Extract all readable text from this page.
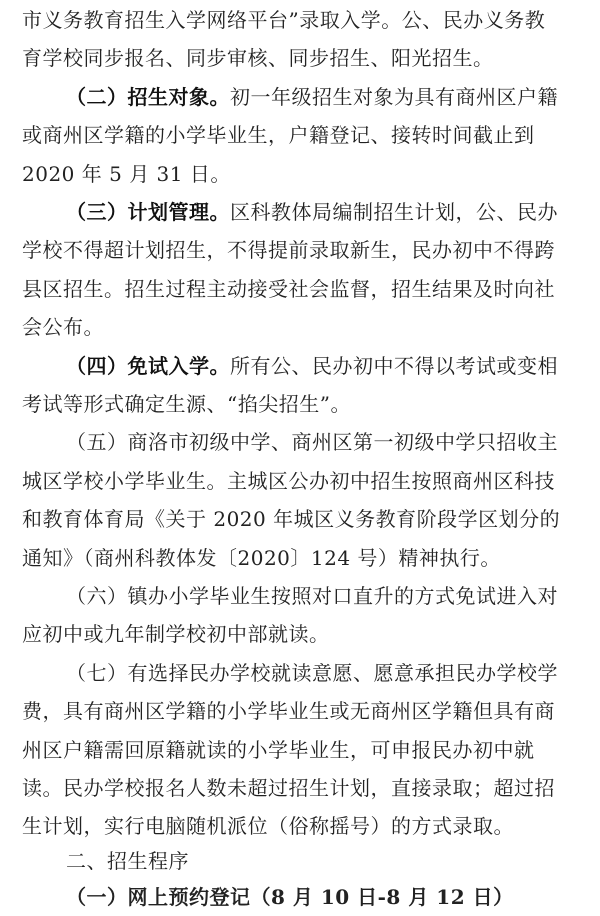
市义务教育招生入学网络平台”录取入学。公、民办义务教
育学校同步报名、同步审核、同步招生、阳光招生。
（二）招生对象。初一年级招生对象为具有商州区户籍
或商州区学籍的小学毕业生，户籍登记、接转时间截止到
2020 年 5 月 31 日。
（三）计划管理。区科教体局编制招生计划，公、民办
学校不得超计划招生，不得提前录取新生，民办初中不得跨
县区招生。招生过程主动接受社会监督，招生结果及时向社
会公布。
（四）免试入学。所有公、民办初中不得以考试或变相
考试等形式确定生源、“掐尖招生”。
（五）商洛市初级中学、商州区第一初级中学只招收主
城区学校小学毕业生。主城区公办初中招生按照商州区科技
和教育体育局《关于 2020 年城区义务教育阶段学区划分的
通知》（商州科教体发〔2020〕124 号）精神执行。
（六）镇办小学毕业生按照对口直升的方式免试进入对
应初中或九年制学校初中部就读。
（七）有选择民办学校就读意愿、愿意承担民办学校学
费，具有商州区学籍的小学毕业生或无商州区学籍但具有商
州区户籍需回原籍就读的小学毕业生，可申报民办初中就
读。民办学校报名人数未超过招生计划，直接录取；超过招
生计划，实行电脑随机派位（俗称摇号）的方式录取。
二、招生程序
（一）网上预约登记（8 月 10 日-8 月 12 日）
